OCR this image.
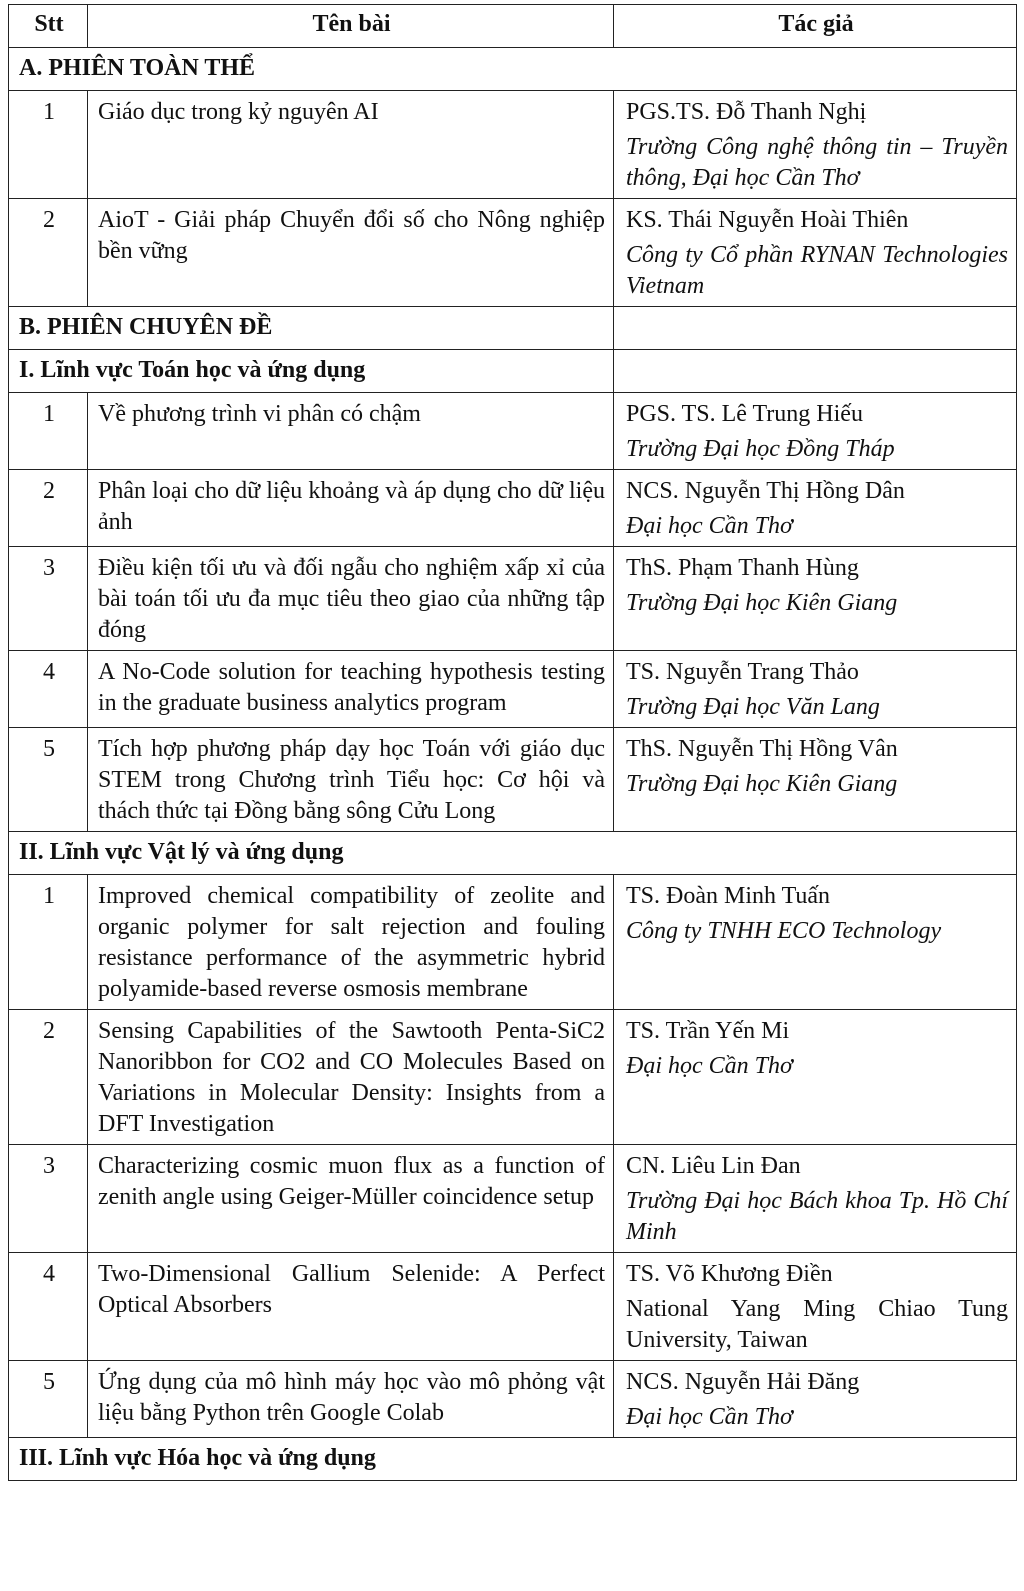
Stt	Tên bài	Tác giả
A. PHIÊN TOÀN THỂ		
1	Giáo dục trong kỷ nguyên AI	PGS.TS. Đỗ Thanh Nghị
Trường Công nghệ thông tin – Truyền thông, Đại học Cần Thơ

2	AioT - Giải pháp Chuyển đổi số cho Nông nghiệp bền vững	KS. Thái Nguyễn Hoài Thiên
Công ty Cổ phần RYNAN Technologies Vietnam

B. PHIÊN CHUYÊN ĐỀ		
I. Lĩnh vực Toán học và ứng dụng		
1	Về phương trình vi phân có chậm	PGS. TS. Lê Trung Hiếu
Trường Đại học Đồng Tháp

2	Phân loại cho dữ liệu khoảng và áp dụng cho dữ liệu ảnh	NCS. Nguyễn Thị Hồng Dân
Đại học Cần Thơ

3	Điều kiện tối ưu và đối ngẫu cho nghiệm xấp xỉ của bài toán tối ưu đa mục tiêu theo giao của những tập đóng	ThS. Phạm Thanh Hùng
Trường Đại học Kiên Giang

4	A No-Code solution for teaching hypothesis testing in the graduate business analytics program	TS. Nguyễn Trang Thảo
Trường Đại học Văn Lang

5	Tích hợp phương pháp dạy học Toán với giáo dục STEM trong Chương trình Tiểu học: Cơ hội và thách thức tại Đồng bằng sông Cửu Long	ThS. Nguyễn Thị Hồng Vân
Trường Đại học Kiên Giang

II. Lĩnh vực Vật lý và ứng dụng		
1	Improved chemical compatibility of zeolite and organic polymer for salt rejection and fouling resistance performance of the asymmetric hybrid polyamide-based reverse osmosis membrane	TS. Đoàn Minh Tuấn
Công ty TNHH ECO Technology

2	Sensing Capabilities of the Sawtooth Penta-SiC2 Nanoribbon for CO2 and CO Molecules Based on Variations in Molecular Density: Insights from a DFT Investigation	TS. Trần Yến Mi
Đại học Cần Thơ

3	Characterizing cosmic muon flux as a function of zenith angle using Geiger-Müller coincidence setup	CN. Liêu Lin Đan
Trường Đại học Bách khoa Tp. Hồ Chí Minh

4	Two-Dimensional Gallium Selenide: A Perfect Optical Absorbers	TS. Võ Khương Điền
National Yang Ming Chiao Tung University, Taiwan

5	Ứng dụng của mô hình máy học vào mô phỏng vật liệu bằng Python trên Google Colab	NCS. Nguyễn Hải Đăng
Đại học Cần Thơ

III. Lĩnh vực Hóa học và ứng dụng		
